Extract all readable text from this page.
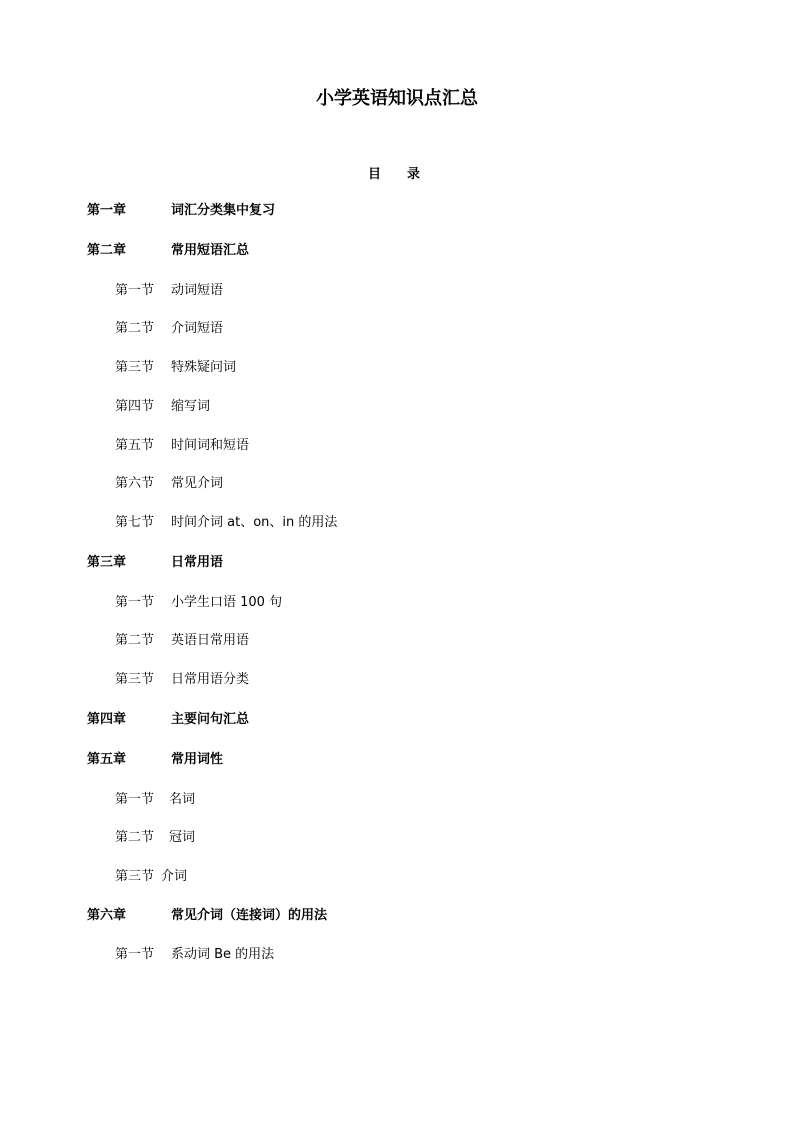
小学英语知识点汇总
目 录
第一章	词汇分类集中复习
第二章	常用短语汇总
第一节 动词短语
第二节 介词短语
第三节 特殊疑问词
第四节 缩写词
第五节 时间词和短语
第六节 常见介词
第七节 时间介词 at、on、in 的用法
第三章	日常用语
第一节 小学生口语 100 句
第二节 英语日常用语
第三节 日常用语分类
第四章	主要问句汇总
第五章	常用词性
第一节 名词
第二节 冠词
第三节 介词
第六章	常见介词（连接词）的用法
第一节 系动词 Be 的用法
